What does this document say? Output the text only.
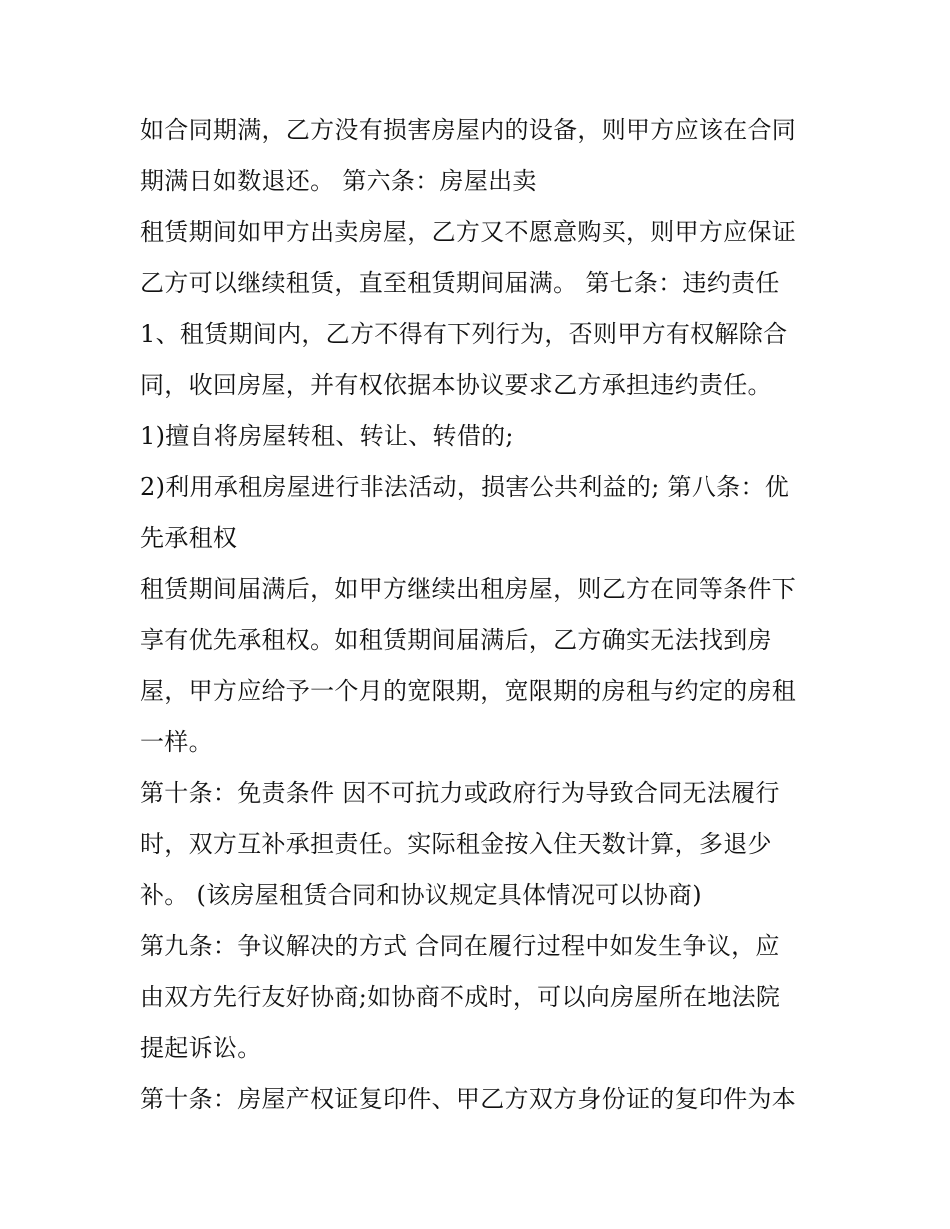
如合同期满，乙方没有损害房屋内的设备，则甲方应该在合同
期满日如数退还。 第六条：房屋出卖
租赁期间如甲方出卖房屋，乙方又不愿意购买，则甲方应保证
乙方可以继续租赁，直至租赁期间届满。 第七条：违约责任
1、租赁期间内，乙方不得有下列行为，否则甲方有权解除合
同，收回房屋，并有权依据本协议要求乙方承担违约责任。
1)擅自将房屋转租、转让、转借的;
2)利用承租房屋进行非法活动，损害公共利益的; 第八条：优
先承租权
租赁期间届满后，如甲方继续出租房屋，则乙方在同等条件下
享有优先承租权。如租赁期间届满后，乙方确实无法找到房
屋，甲方应给予一个月的宽限期，宽限期的房租与约定的房租
一样。
第十条：免责条件 因不可抗力或政府行为导致合同无法履行
时，双方互补承担责任。实际租金按入住天数计算，多退少
补。 (该房屋租赁合同和协议规定具体情况可以协商)
第九条：争议解决的方式 合同在履行过程中如发生争议，应
由双方先行友好协商;如协商不成时，可以向房屋所在地法院
提起诉讼。
第十条：房屋产权证复印件、甲乙方双方身份证的复印件为本
